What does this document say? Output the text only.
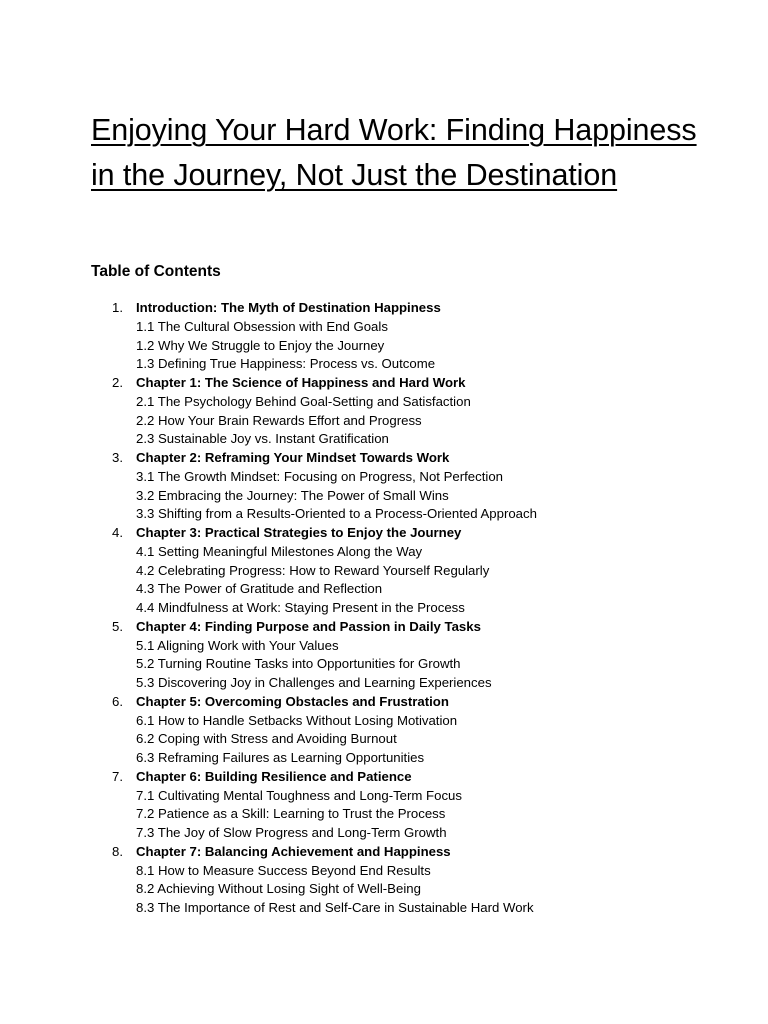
Enjoying Your Hard Work: Finding Happiness in the Journey, Not Just the Destination
Table of Contents
1. Introduction: The Myth of Destination Happiness
1.1 The Cultural Obsession with End Goals
1.2 Why We Struggle to Enjoy the Journey
1.3 Defining True Happiness: Process vs. Outcome
2. Chapter 1: The Science of Happiness and Hard Work
2.1 The Psychology Behind Goal-Setting and Satisfaction
2.2 How Your Brain Rewards Effort and Progress
2.3 Sustainable Joy vs. Instant Gratification
3. Chapter 2: Reframing Your Mindset Towards Work
3.1 The Growth Mindset: Focusing on Progress, Not Perfection
3.2 Embracing the Journey: The Power of Small Wins
3.3 Shifting from a Results-Oriented to a Process-Oriented Approach
4. Chapter 3: Practical Strategies to Enjoy the Journey
4.1 Setting Meaningful Milestones Along the Way
4.2 Celebrating Progress: How to Reward Yourself Regularly
4.3 The Power of Gratitude and Reflection
4.4 Mindfulness at Work: Staying Present in the Process
5. Chapter 4: Finding Purpose and Passion in Daily Tasks
5.1 Aligning Work with Your Values
5.2 Turning Routine Tasks into Opportunities for Growth
5.3 Discovering Joy in Challenges and Learning Experiences
6. Chapter 5: Overcoming Obstacles and Frustration
6.1 How to Handle Setbacks Without Losing Motivation
6.2 Coping with Stress and Avoiding Burnout
6.3 Reframing Failures as Learning Opportunities
7. Chapter 6: Building Resilience and Patience
7.1 Cultivating Mental Toughness and Long-Term Focus
7.2 Patience as a Skill: Learning to Trust the Process
7.3 The Joy of Slow Progress and Long-Term Growth
8. Chapter 7: Balancing Achievement and Happiness
8.1 How to Measure Success Beyond End Results
8.2 Achieving Without Losing Sight of Well-Being
8.3 The Importance of Rest and Self-Care in Sustainable Hard Work
